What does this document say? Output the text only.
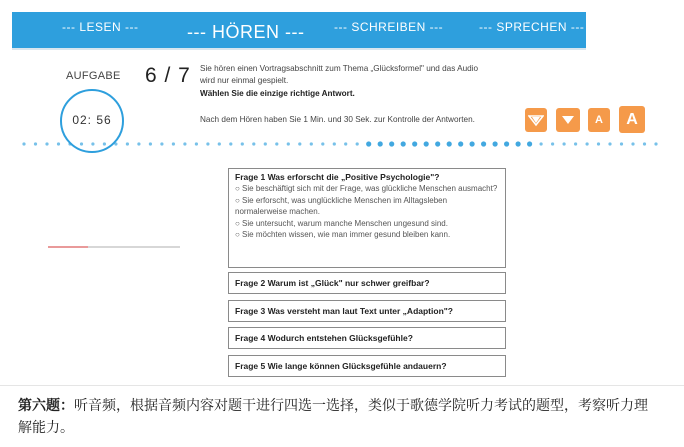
--- LESEN ---	--- HÖREN --- --- SCHREIBEN ---	--- SPRECHEN ---
AUFGABE 6 / 7
02: 56
Sie hören einen Vortragsabschnitt zum Thema „Glücksformel" und das Audio
wird nur einmal gespielt.
Wählen Sie die einzige richtige Antwort.
Nach dem Hören haben Sie 1 Min. und 30 Sek. zur Kontrolle der Antworten.	A A
Frage 1 Was erforscht die „Positive Psychologie"?
○ Sie beschäftigt sich mit der Frage, was glückliche Menschen ausmacht?
○ Sie erforscht, was unglückliche Menschen im Alltagsleben normalerweise machen.
○ Sie untersucht, warum manche Menschen ungesund sind.
○ Sie möchten wissen, wie man immer gesund bleiben kann.
Frage 2 Warum ist „Glück" nur schwer greifbar?
Frage 3 Was versteht man laut Text unter „Adaption"?
Frage 4 Wodurch entstehen Glücksgefühle?
Frage 5 Wie lange können Glücksgefühle andauern?
第六题：听音频，根据音频内容对题干进行四选一选择，类似于歌德学院听力考试的题型，考察听力理解能力。
